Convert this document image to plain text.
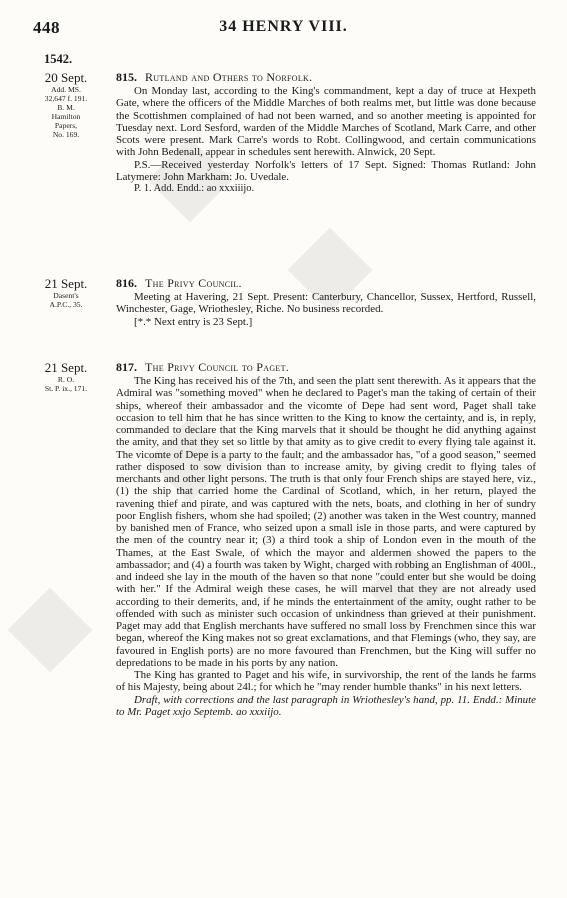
448	34 HENRY VIII.
1542.
20 Sept.
Add. MS.
32,647 f. 191.
B. M.
Hamilton
Papers,
No. 169.
815. Rutland and Others to Norfolk.

On Monday last, according to the King's commandment, kept a day of truce at Hexpeth Gate, where the officers of the Middle Marches of both realms met, but little was done because the Scottishmen complained of had not been warned, and so another meeting is appointed for Tuesday next. Lord Sesford, warden of the Middle Marches of Scotland, Mark Carre, and other Scots were present. Mark Carre's words to Robt. Collingwood, and certain communications with John Bedenall, appear in schedules sent herewith. Alnwick, 20 Sept.

P.S.—Received yesterday Norfolk's letters of 17 Sept. Signed: Thomas Rutland: John Latymere: John Markham: Jo. Uvedale.

P. 1. Add. Endd.: ao xxxiiijo.

21 Sept.
Dasent's
A.P.C., 35.
816. The Privy Council.

Meeting at Havering, 21 Sept. Present: Canterbury, Chancellor, Sussex, Hertford, Russell, Winchester, Gage, Wriothesley, Riche. No business recorded.

[*.* Next entry is 23 Sept.]

21 Sept.
R. O.
St. P. ix., 171.
817. The Privy Council to Paget.

The King has received his of the 7th, and seen the platt sent therewith. As it appears that the Admiral was "something moved" when he declared to Paget's man the taking of certain of their ships, whereof their ambassador and the vicomte of Depe had sent word, Paget shall take occasion to tell him that he has since written to the King to know the certainty, and is, in reply, commanded to declare that the King marvels that it should be thought he did anything against the amity, and that they set so little by that amity as to give credit to every flying tale against it. The vicomte of Depe is a party to the fault; and the ambassador has, "of a good season," seemed rather disposed to sow division than to increase amity, by giving credit to flying tales of merchants and other light persons. The truth is that only four French ships are stayed here, viz., (1) the ship that carried home the Cardinal of Scotland, which, in her return, played the ravening thief and pirate, and was captured with the nets, boats, and clothing in her of sundry poor English fishers, whom she had spoiled; (2) another was taken in the West country, manned by banished men of France, who seized upon a small isle in those parts, and were captured by the men of the country near it; (3) a third took a ship of London even in the mouth of the Thames, at the East Swale, of which the mayor and aldermen showed the papers to the ambassador; and (4) a fourth was taken by Wight, charged with robbing an Englishman of 400l., and indeed she lay in the mouth of the haven so that none "could enter but she would be doing with her." If the Admiral weigh these cases, he will marvel that they are not already used according to their demerits, and, if he minds the entertainment of the amity, ought rather to be offended with such as minister such occasion of unkindness than grieved at their punishment. Paget may add that English merchants have suffered no small loss by Frenchmen since this war began, whereof the King makes not so great exclamations, and that Flemings (who, they say, are favoured in English ports) are no more favoured than Frenchmen, but the King will suffer no depredations to be made in his ports by any nation.

The King has granted to Paget and his wife, in survivorship, the rent of the lands he farms of his Majesty, being about 24l.; for which he "may render humble thanks" in his next letters.

Draft, with corrections and the last paragraph in Wriothesley's hand, pp. 11. Endd.: Minute to Mr. Paget xxjo Septemb. ao xxxiijo.
